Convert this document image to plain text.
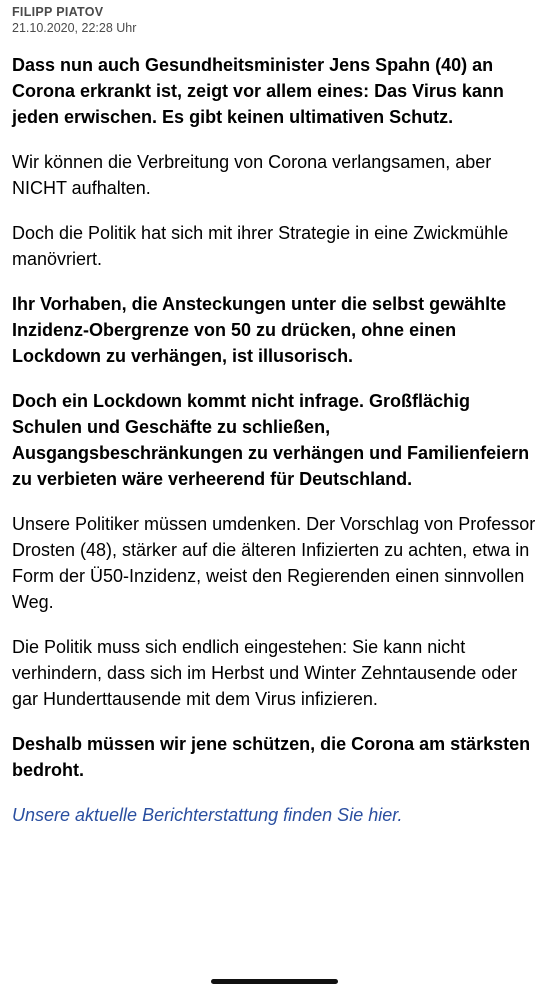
FILIPP PIATOV

21.10.2020, 22:28 Uhr

Dass nun auch Gesundheitsminister Jens Spahn (40) an Corona erkrankt ist, zeigt vor allem eines: Das Virus kann jeden erwischen. Es gibt keinen ultimativen Schutz.

Wir können die Verbreitung von Corona verlangsamen, aber NICHT aufhalten.

Doch die Politik hat sich mit ihrer Strategie in eine Zwickmühle manövriert.

Ihr Vorhaben, die Ansteckungen unter die selbst gewählte Inzidenz-Obergrenze von 50 zu drücken, ohne einen Lockdown zu verhängen, ist illusorisch.

Doch ein Lockdown kommt nicht infrage. Großflächig Schulen und Geschäfte zu schließen, Ausgangsbeschränkungen zu verhängen und Familienfeiern zu verbieten wäre verheerend für Deutschland.

Unsere Politiker müssen umdenken. Der Vorschlag von Professor Drosten (48), stärker auf die älteren Infizierten zu achten, etwa in Form der Ü50-Inzidenz, weist den Regierenden einen sinnvollen Weg.

Die Politik muss sich endlich eingestehen: Sie kann nicht verhindern, dass sich im Herbst und Winter Zehntausende oder gar Hunderttausende mit dem Virus infizieren.

Deshalb müssen wir jene schützen, die Corona am stärksten bedroht.

Unsere aktuelle Berichterstattung finden Sie hier.
